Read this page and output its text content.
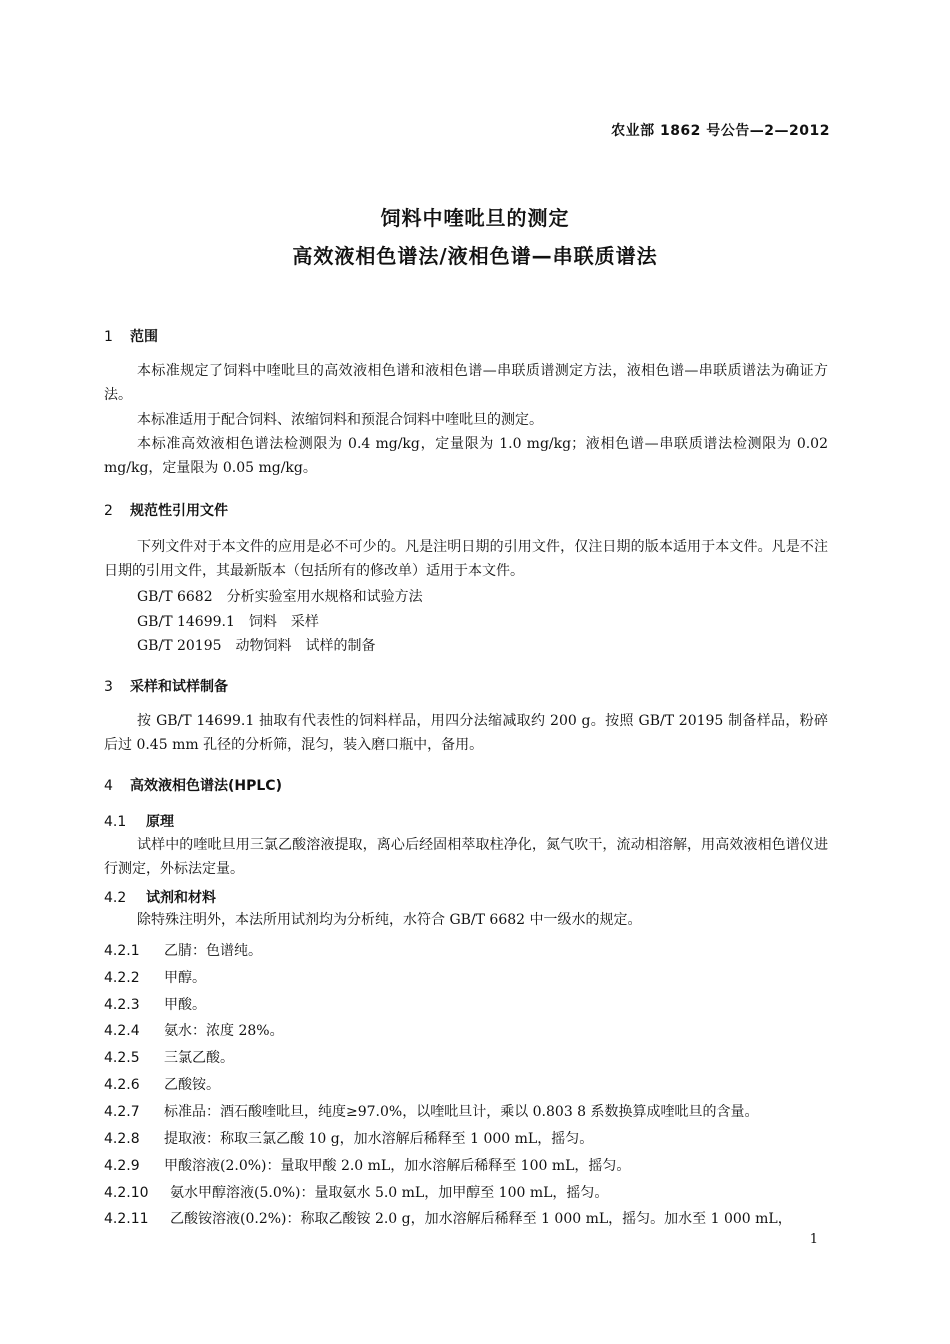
农业部 1862 号公告—2—2012
饲料中喹吡旦的测定
高效液相色谱法/液相色谱—串联质谱法
1 范围
本标准规定了饲料中喹吡旦的高效液相色谱和液相色谱—串联质谱测定方法，液相色谱—串联质谱法为确证方法。
本标准适用于配合饲料、浓缩饲料和预混合饲料中喹吡旦的测定。
本标准高效液相色谱法检测限为 0.4 mg/kg，定量限为 1.0 mg/kg；液相色谱—串联质谱法检测限为 0.02 mg/kg，定量限为 0.05 mg/kg。
2 规范性引用文件
下列文件对于本文件的应用是必不可少的。凡是注明日期的引用文件，仅注日期的版本适用于本文件。凡是不注日期的引用文件，其最新版本（包括所有的修改单）适用于本文件。
GB/T 6682　分析实验室用水规格和试验方法
GB/T 14699.1　饲料　采样
GB/T 20195　动物饲料　试样的制备
3 采样和试样制备
按 GB/T 14699.1 抽取有代表性的饲料样品，用四分法缩减取约 200 g。按照 GB/T 20195 制备样品，粉碎后过 0.45 mm 孔径的分析筛，混匀，装入磨口瓶中，备用。
4 高效液相色谱法(HPLC)
4.1 原理
试样中的喹吡旦用三氯乙酸溶液提取，离心后经固相萃取柱净化，氮气吹干，流动相溶解，用高效液相色谱仪进行测定，外标法定量。
4.2 试剂和材料
除特殊注明外，本法所用试剂均为分析纯，水符合 GB/T 6682 中一级水的规定。
4.2.1 乙腈：色谱纯。
4.2.2 甲醇。
4.2.3 甲酸。
4.2.4 氨水：浓度 28%。
4.2.5 三氯乙酸。
4.2.6 乙酸铵。
4.2.7 标准品：酒石酸喹吡旦，纯度≥97.0%，以喹吡旦计，乘以 0.803 8 系数换算成喹吡旦的含量。
4.2.8 提取液：称取三氯乙酸 10 g，加水溶解后稀释至 1 000 mL，摇匀。
4.2.9 甲酸溶液(2.0%)：量取甲酸 2.0 mL，加水溶解后稀释至 100 mL，摇匀。
4.2.10 氨水甲醇溶液(5.0%)：量取氨水 5.0 mL，加甲醇至 100 mL，摇匀。
4.2.11 乙酸铵溶液(0.2%)：称取乙酸铵 2.0 g，加水溶解后稀释至 1 000 mL，摇匀。加水至 1 000 mL，
1
